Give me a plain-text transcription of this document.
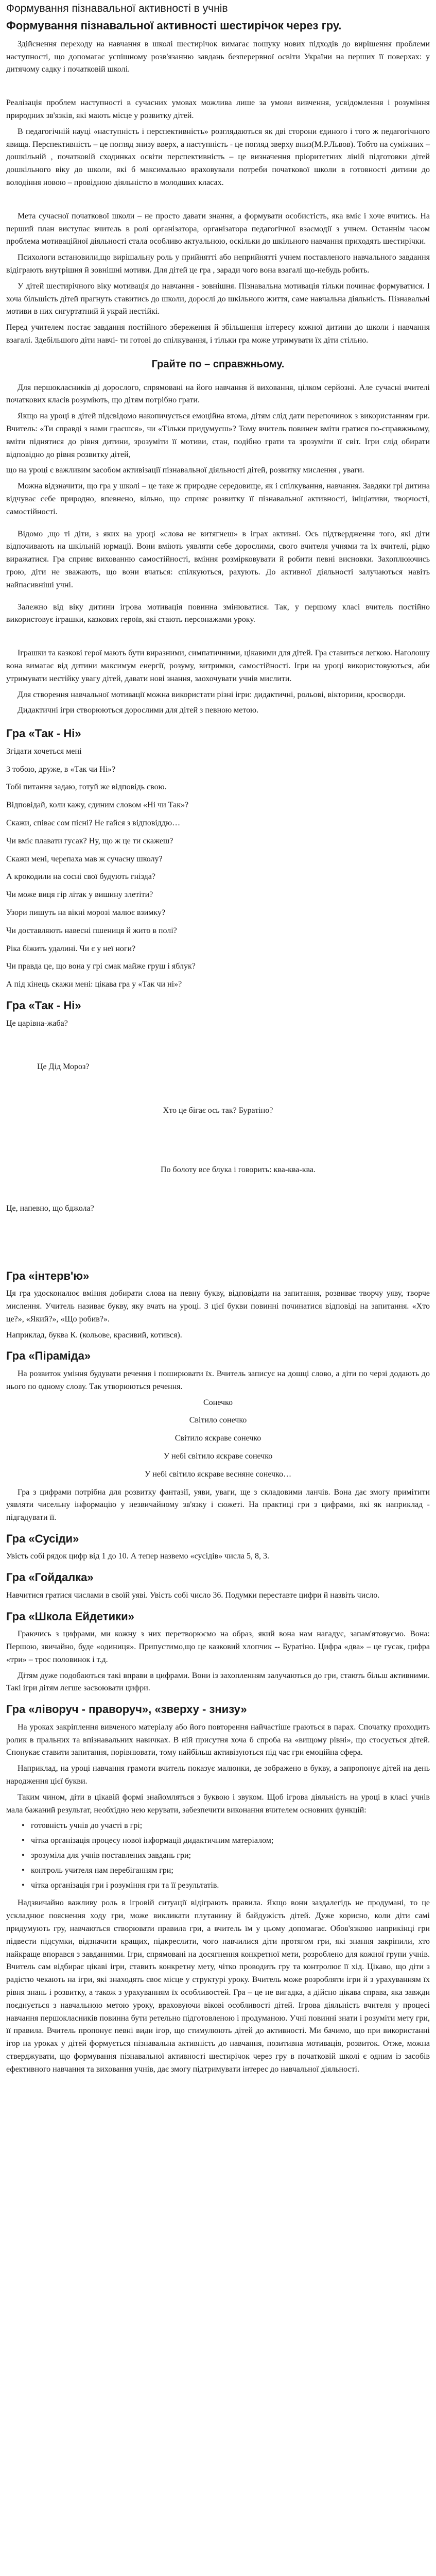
Формування пізнавальної активності в учнів
Формування пізнавальної активності шестирічок через гру.

Здійснення переходу на навчання в школі шестирічок вимагає пошуку нових підходів до вирішення проблеми наступності, що допомагає успішному розв'язанню завдань безперервної освіти України на перших її поверхах: у дитячому садку і початковій школі.

Реалізація проблем наступності в сучасних умовах можлива лише за умови вивчення, усвідомлення і розуміння природних зв'язків, які мають місце у розвитку дітей.

В педагогічній науці «наступність і перспективність» розглядаються як дві сторони єдиного і того ж педагогічного явища. Перспективність – це погляд знизу вверх, а наступність - це погляд зверху вниз(М.Р.Львов). Тобто на суміжних – дошкільній , початковій сходинках освіти перспективність – це визначення пріоритетних ліній підготовки дітей дошкільного віку до школи, які б максимально враховували потреби початкової школи в готовності дитини до володіння новою – провідною діяльністю в молодших класах.

Мета сучасної початкової школи – не просто давати знання, а формувати особистість, яка вміє і хоче вчитись. На перший план виступає вчитель в ролі організатора, організатора педагогічної взаємодії з учнем. Останнім часом проблема мотиваційної діяльності стала особливо актуальною, оскільки до шкільного навчання приходять шестирічки.

Психологи встановили,що вирішальну роль у прийнятті або неприйнятті учнем поставленого навчального завдання відіграють внутрішня й зовнішні мотиви. Для дітей це гра , заради чого вона взагалі що-небудь робить.

У дітей шестирічного віку мотивація до навчання - зовнішня. Пізнавальна мотивація тільки починає формуватися. І хоча більшість дітей прагнуть ставитись до школи, дорослі до шкільного життя, саме навчальна діяльність. Пізнавальні мотиви в них сигуртатний й украй нестійкі.

Перед учителем постає завдання постійного збереження й збільшення інтересу кожної дитини до школи і навчання взагалі. Здебільшого діти навчі- ти готові до спілкування, і тільки гра може утримувати їх діти стільно.

Грайте по – справжньому.

Для першокласників ді дорослого, спрямовані на його навчання й виховання, цілком серйозні. Але сучасні вчителі початкових класів розуміють, що дітям потрібно грати.

Якщо на уроці в дітей підсвідомо накопичується емоційна втома, дітям слід дати перепочинок з використанням гри. Вчитель: «Ти справді з нами граєшся», чи «Тільки придумуєш»? Тому вчитель повинен вміти гратися по-справжньому, вміти піднятися до рівня дитини, зрозуміти її мотиви, стан, подібно грати та зрозуміти її світ. Ігри слід обирати відповідно до рівня розвитку дітей,

що на уроці є важливим засобом активізації пізнавальної діяльності дітей, розвитку мислення , уваги.

Можна відзначити, що гра у школі – це таке ж природне середовище, як і спілкування, навчання. Завдяки грі дитина відчуває себе природно, впевнено, вільно, що сприяє розвитку її пізнавальної активності, ініціативи, творчості, самостійності.

Відомо ,що ті діти, з яких на уроці «слова не витягнеш» в іграх активні. Ось підтвердження того, які діти відпочивають на шкільній юрмації. Вони вміють уявляти себе дорослими, свого вчителя учнями та їх вчителі, рідко виражатися. Гра сприяє вихованню самостійності, вміння розмірковувати й робити певні висновки. Захоплюючись грою, діти не зважають, що вони вчаться: спілкуються, рахують. До активної діяльності залучаються навіть найпасивніші учні.

Залежно від віку дитини ігрова мотивація повинна змінюватися. Так, у першому класі вчитель постійно використовує іграшки, казкових героїв, які стають персонажами уроку.

Іграшки та казкові герої мають бути виразними, симпатичними, цікавими для дітей. Гра ставиться легкою. Наголошу вона вимагає від дитини максимум енергії, розуму, витримки, самостійності. Ігри на уроці використовуються, аби утримувати нестійку увагу дітей, давати нові знання, заохочувати учнів мислити.

Для створення навчальної мотивації можна використати різні ігри: дидактичні, рольові, вікторини, кросворди.

Дидактичні ігри створюються дорослими для дітей з певною метою.

Гра «Так - Ні»
Згідати хочеться мені
З тобою, дружe, в «Так чи Ні»?
Тобі питання задаю, готуй же відповідь свою.
Відповідай, коли кажу, єдиним словом «Ні чи Так»?
Скажи, співає сом пісні? Не гайся з відповіддю…
Чи вміє плавати гусак? Ну, що ж це ти скажеш?
Скажи мені, черепаха мав ж сучасну школу?
А крокодили на сосні свої будують гнізда?
Чи може виця гір літак у вишину злетіти?
Узори пишуть на вікні морозі малює взимку?
Чи доставляють навесні пшениця й жито в полі?
Ріка біжить удалині. Чи є у неї ноги?
Чи правда це, що вона у грі смак майже груш і яблук?
А під кінець скажи мені: цікава гра у «Так чи ні»?
Гра «Так - Ні»
Це царівна-жаба?
Це Дід Мороз?
Хто це бігає ось так? Буратіно?
По болоту все блука і говорить: ква-ква-ква.
Це, напевно, що бджола?
Гра «інтерв'ю»

Ця гра удосконалює вміння добирати слова на певну букву, відповідати на запитання, розвиває творчу уяву, творче мислення. Учитель називає букву, яку вчать на уроці. З цієї букви повинні починатися відповіді на запитання. «Хто це?», «Який?», «Що робив?».

Наприклад, буква К. (кольове, красивий, котився).

Гра «Піраміда»

На розвиток уміння будувати речення і поширювати їх. Вчитель записує на дошці слово, а діти по черзі додають до нього по одному слову. Так утворюються речення.

Сонечко
Світило сонечко
Світило яскраве сонечко
У небі світило яскраве сонечко
У небі світило яскраве весняне сонечко…

Гра з цифрами потрібна для розвитку фантазії, уяви, уваги, ще з складовими ланчів. Вона дає змогу примітити уявляти чисельну інформацію у незвичайному зв'язку і сюжеті. На практиці гри з цифрами, які як наприклад - підгадувати її.

Гра «Сусіди»

Увість собі рядок цифр від 1 до 10. А тепер назвемо «сусідів» числа 5, 8, 3.

Гра «Гойдалка»

Навчитися гратися числами в своїй уяві. Увість собі число 36. Подумки переставте цифри й назвіть число.

Гра «Школа Ейдетики»

Граючись з цифрами, ми кожну з них перетворюємо на образ, який вона нам нагадує, запам'ятовуємо. Вона: Першою, звичайно, буде «одиниця». Припустимо,що це казковий хлопчик -- Буратіно. Цифра «два» – це гусак, цифра «три» – трос половинок і т.д.

Дітям дуже подобаються такі вправи в цифрами. Вони із захопленням залучаються до гри, стають більш активними. Такі ігри дітям легше засвоювати цифри.

Гра «ліворуч - праворуч», «зверху - знизу»

На уроках закріплення вивченого матеріалу або його повторення найчастіше граються в парах. Спочатку проходить ролик в пральних та впізнавальних навичках. В ній присутня хоча б спроба на «вищому рівні», що стосується дітей. Спонукає ставити запитання, порівнювати, тому найбільш активізуються під час гри емоційна сфера.

Наприклад, на уроці навчання грамоти вчитель показує малюнки, де зображено в букву, а запропонує дітей на день народження цієї букви.

Таким чином, діти в цікавій формі знайомляться з буквою і звуком. Щоб ігрова діяльність на уроці в класі учнів мала бажаний результат, необхідно нею керувати, забезпечити виконання вчителем основних функцій:

• готовність учнів до участі в грі;
• чітка організація процесу нової інформації дидактичним матеріалом;
• зрозуміла для учнів поставлених завдань гри;
• контроль учителя нам перебіганням гри;
• чітка організація гри і розуміння гри та її результатів.

Надзвичайно важливу роль в ігровій ситуації відіграють правила. Якщо вони заздалегідь не продумані, то це ускладнює пояснення ходу гри, може викликати плутанину й байдужість дітей. Дуже корисно, коли діти самі придумують гру, навчаються створювати правила гри, а вчитель їм у цьому допомагає. Обов'язково наприкінці гри підвести підсумки, відзначити кращих, підкреслити, чого навчилися діти протягом гри, які знання закріпили, хто найкраще впорався з завданнями. Ігри, спрямовані на досягнення конкретної мети, розроблено для кожної групи учнів. Вчитель сам відбирає цікаві ігри, ставить конкретну мету, чітко проводить гру та контролює її хід. Цікаво, що діти з радістю чекають на ігри, які знаходять своє місце у структурі уроку. Вчитель може розробляти ігри й з урахуванням їх рівня знань і розвитку, а також з урахуванням їх особливостей. Гра – це не вигадка, а дійсно цікава справа, яка завжди поєднується з навчальною метою уроку, враховуючи вікові особливості дітей. Ігрова діяльність вчителя у процесі навчання першокласників повинна бути ретельно підготовленою і продуманою. Учні повинні знати і розуміти мету гри, її правила. Вчитель пропонує певні види ігор, що стимулюють дітей до активності. Ми бачимо, що при використанні ігор на уроках у дітей формується пізнавальна активність до навчання, позитивна мотивація, розвиток. Отже, можна стверджувати, що формування пізнавальної активності шестирічок через гру в початковій школі є одним із засобів ефективного навчання та виховання учнів, дає змогу підтримувати інтерес до навчальної діяльності.
